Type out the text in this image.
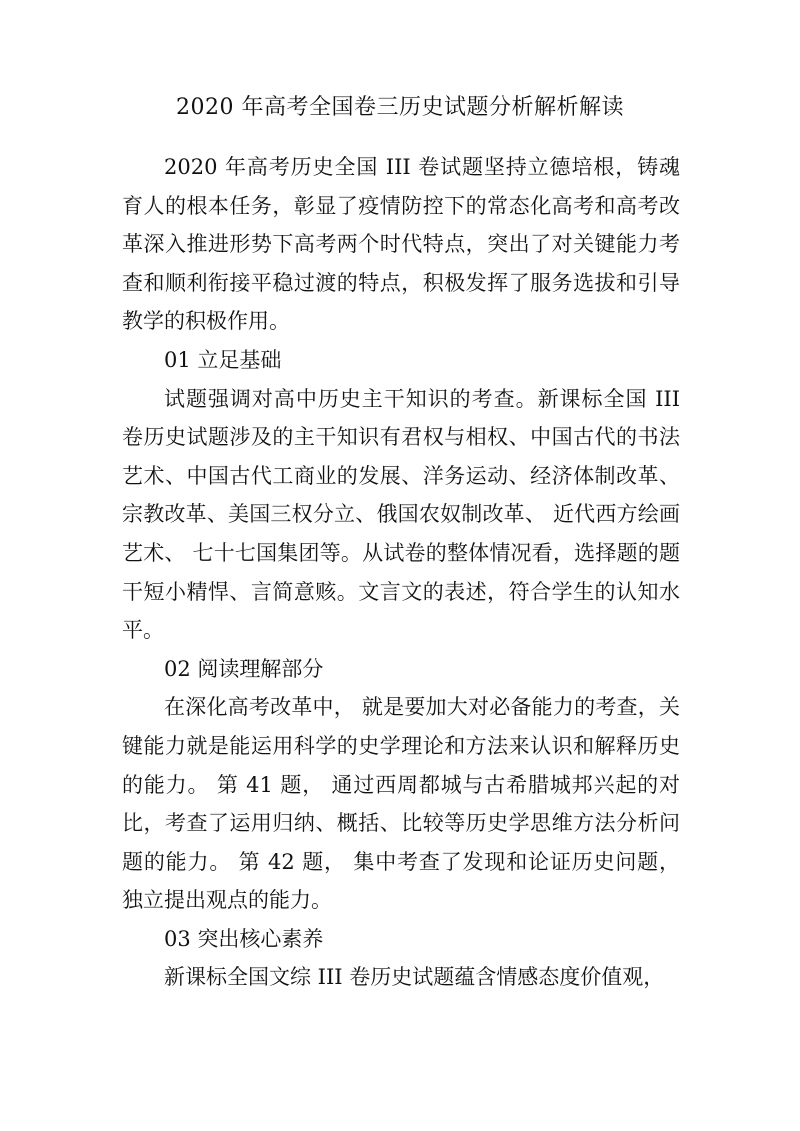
2020 年高考全国卷三历史试题分析解析解读

2020 年高考历史全国 III 卷试题坚持立德培根，铸魂育人的根本任务，彰显了疫情防控下的常态化高考和高考改革深入推进形势下高考两个时代特点，突出了对关键能力考查和顺利衔接平稳过渡的特点，积极发挥了服务选拔和引导教学的积极作用。

01 立足基础

试题强调对高中历史主干知识的考查。新课标全国 III 卷历史试题涉及的主干知识有君权与相权、中国古代的书法艺术、中国古代工商业的发展、洋务运动、经济体制改革、宗教改革、美国三权分立、俄国农奴制改革、 近代西方绘画艺术、 七十七国集团等。从试卷的整体情况看，选择题的题干短小精悍、言简意赅。文言文的表述，符合学生的认知水平。

02 阅读理解部分

在深化高考改革中， 就是要加大对必备能力的考查，关键能力就是能运用科学的史学理论和方法来认识和解释历史的能力。 第 41 题， 通过西周都城与古希腊城邦兴起的对比，考查了运用归纳、概括、比较等历史学思维方法分析问题的能力。 第 42 题， 集中考查了发现和论证历史问题， 独立提出观点的能力。

03 突出核心素养

新课标全国文综 III 卷历史试题蕴含情感态度价值观，
